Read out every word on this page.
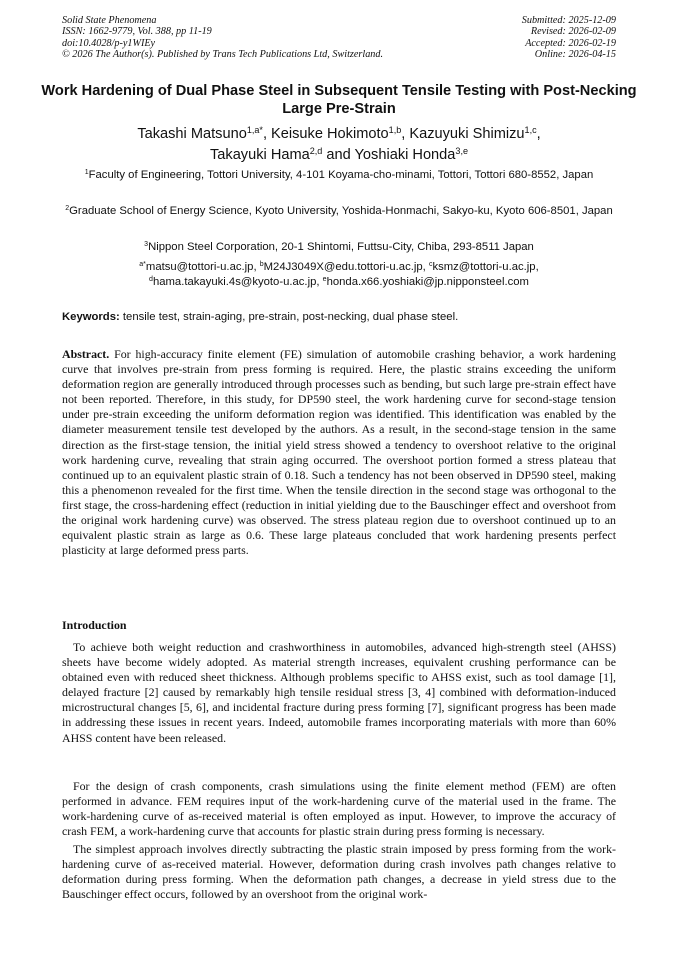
Solid State Phenomena
ISSN: 1662-9779, Vol. 388, pp 11-19
doi:10.4028/p-y1WIEy
© 2026 The Author(s). Published by Trans Tech Publications Ltd, Switzerland.
Submitted: 2025-12-09
Revised: 2026-02-09
Accepted: 2026-02-19
Online: 2026-04-15
Work Hardening of Dual Phase Steel in Subsequent Tensile Testing with Post-Necking Large Pre-Strain
Takashi Matsuno$^{1,a*}$, Keisuke Hokimoto$^{1,b}$, Kazuyuki Shimizu$^{1,c}$,
Takayuki Hama$^{2,d}$ and Yoshiaki Honda$^{3,e}$
$^1$Faculty of Engineering, Tottori University, 4-101 Koyama-cho-minami, Tottori, Tottori 680-8552, Japan
$^2$Graduate School of Energy Science, Kyoto University, Yoshida-Honmachi, Sakyo-ku, Kyoto 606-8501, Japan
$^3$Nippon Steel Corporation, 20-1 Shintomi, Futtsu-City, Chiba, 293-8511 Japan
$^{a*}$matsu@tottori-u.ac.jp, $^b$M24J3049X@edu.tottori-u.ac.jp, $^c$ksmz@tottori-u.ac.jp,
$^d$hama.takayuki.4s@kyoto-u.ac.jp, $^e$honda.x66.yoshiaki@jp.nipponsteel.com
Keywords: tensile test, strain-aging, pre-strain, post-necking, dual phase steel.

Abstract. For high-accuracy finite element (FE) simulation of automobile crashing behavior, a work hardening curve that involves pre-strain from press forming is required. Here, the plastic strains exceeding the uniform deformation region are generally introduced through processes such as bending, but such large pre-strain effect have not been reported. Therefore, in this study, for DP590 steel, the work hardening curve for second-stage tension under pre-strain exceeding the uniform deformation region was identified. This identification was enabled by the diameter measurement tensile test developed by the authors. As a result, in the second-stage tension in the same direction as the first-stage tension, the initial yield stress showed a tendency to overshoot relative to the original work hardening curve, revealing that strain aging occurred. The overshoot portion formed a stress plateau that continued up to an equivalent plastic strain of 0.18. Such a tendency has not been observed in DP590 steel, making this a phenomenon revealed for the first time. When the tensile direction in the second stage was orthogonal to the first stage, the cross-hardening effect (reduction in initial yielding due to the Bauschinger effect and overshoot from the original work hardening curve) was observed. The stress plateau region due to overshoot continued up to an equivalent plastic strain as large as 0.6. These large plateaus concluded that work hardening presents perfect plasticity at large deformed press parts.

Introduction

To achieve both weight reduction and crashworthiness in automobiles, advanced high-strength steel (AHSS) sheets have become widely adopted. As material strength increases, equivalent crushing performance can be obtained even with reduced sheet thickness. Although problems specific to AHSS exist, such as tool damage [1], delayed fracture [2] caused by remarkably high tensile residual stress [3, 4] combined with deformation-induced microstructural changes [5, 6], and incidental fracture during press forming [7], significant progress has been made in addressing these issues in recent years. Indeed, automobile frames incorporating materials with more than 60% AHSS content have been released.

For the design of crash components, crash simulations using the finite element method (FEM) are often performed in advance. FEM requires input of the work-hardening curve of the material used in the frame. The work-hardening curve of as-received material is often employed as input. However, to improve the accuracy of crash FEM, a work-hardening curve that accounts for plastic strain during press forming is necessary.

The simplest approach involves directly subtracting the plastic strain imposed by press forming from the work-hardening curve of as-received material. However, deformation during crash involves path changes relative to deformation during press forming. When the deformation path changes, a decrease in yield stress due to the Bauschinger effect occurs, followed by an overshoot from the original work-
